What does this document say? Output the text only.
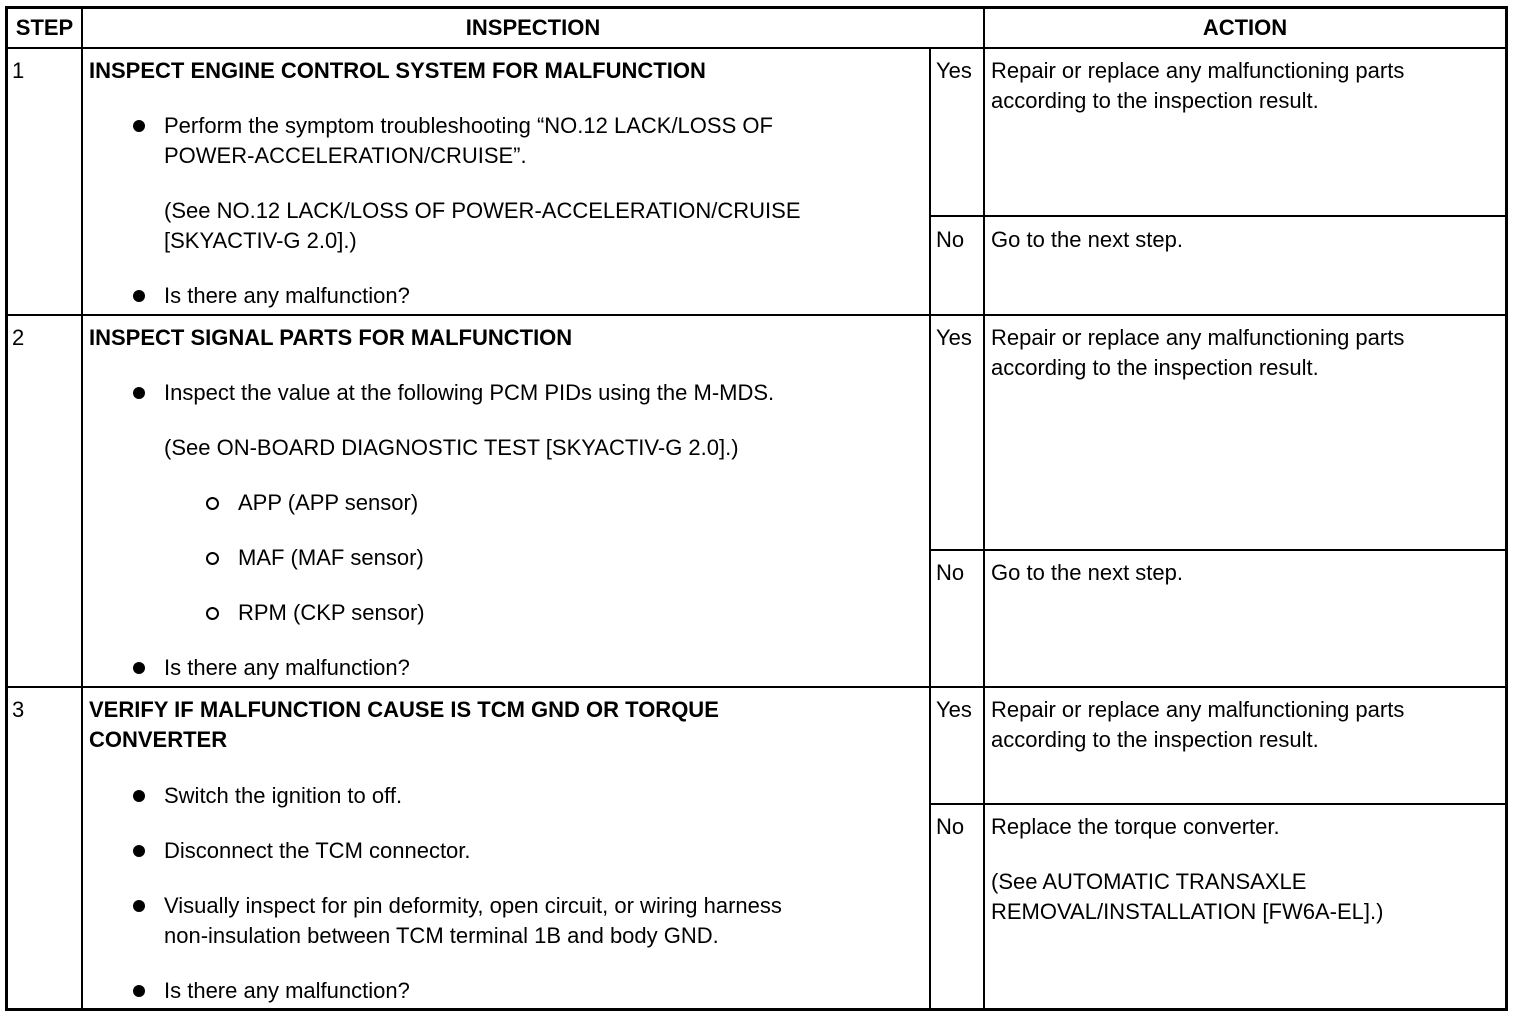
STEP	INSPECTION	ACTION
1	INSPECT ENGINE CONTROL SYSTEM FOR MALFUNCTION
Perform the symptom troubleshooting “NO.12 LACK/LOSS OF
POWER-ACCELERATION/CRUISE”.
(See NO.12 LACK/LOSS OF POWER-ACCELERATION/CRUISE
[SKYACTIV-G 2.0].)
Is there any malfunction?
Yes Repair or replace any malfunctioning parts
according to the inspection result.
No Go to the next step.
2	INSPECT SIGNAL PARTS FOR MALFUNCTION
Inspect the value at the following PCM PIDs using the M-MDS.
(See ON-BOARD DIAGNOSTIC TEST [SKYACTIV-G 2.0].)
APP (APP sensor)
MAF (MAF sensor)
RPM (CKP sensor)
Is there any malfunction?
Yes Repair or replace any malfunctioning parts
according to the inspection result.
No Go to the next step.
3	VERIFY IF MALFUNCTION CAUSE IS TCM GND OR TORQUE
CONVERTER
Switch the ignition to off.
Disconnect the TCM connector.
Visually inspect for pin deformity, open circuit, or wiring harness
non-insulation between TCM terminal 1B and body GND.
Is there any malfunction?
Yes Repair or replace any malfunctioning parts
according to the inspection result.
No Replace the torque converter.
(See AUTOMATIC TRANSAXLE
REMOVAL/INSTALLATION [FW6A-EL].)
